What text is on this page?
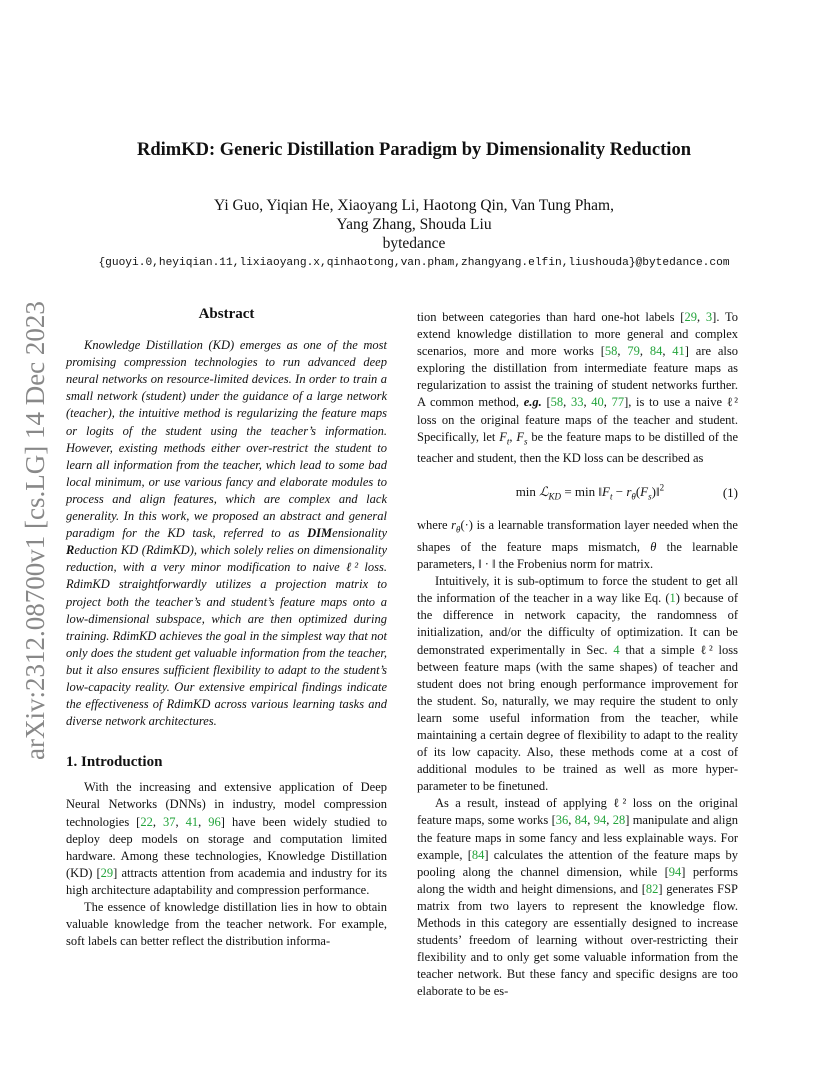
arXiv:2312.08700v1 [cs.LG] 14 Dec 2023
RdimKD: Generic Distillation Paradigm by Dimensionality Reduction
Yi Guo, Yiqian He, Xiaoyang Li, Haotong Qin, Van Tung Pham,
Yang Zhang, Shouda Liu
bytedance
{guoyi.0,heyiqian.11,lixiaoyang.x,qinhaotong,van.pham,zhangyang.elfin,liushouda}@bytedance.com
Abstract

Knowledge Distillation (KD) emerges as one of the most promising compression technologies to run advanced deep neural networks on resource-limited devices. In order to train a small network (student) under the guidance of a large network (teacher), the intuitive method is regularizing the feature maps or logits of the student using the teacher’s information. However, existing methods either over-restrict the student to learn all information from the teacher, which lead to some bad local minimum, or use various fancy and elaborate modules to process and align features, which are complex and lack generality. In this work, we proposed an abstract and general paradigm for the KD task, referred to as DIMensionality Reduction KD (RdimKD), which solely relies on dimensionality reduction, with a very minor modification to naive ℓ² loss. RdimKD straightforwardly utilizes a projection matrix to project both the teacher’s and student’s feature maps onto a low-dimensional subspace, which are then optimized during training. RdimKD achieves the goal in the simplest way that not only does the student get valuable information from the teacher, but it also ensures sufficient flexibility to adapt to the student’s low-capacity reality. Our extensive empirical findings indicate the effectiveness of RdimKD across various learning tasks and diverse network architectures.

1. Introduction

With the increasing and extensive application of Deep Neural Networks (DNNs) in industry, model compression technologies [22, 37, 41, 96] have been widely studied to deploy deep models on storage and computation limited hardware. Among these technologies, Knowledge Distillation (KD) [29] attracts attention from academia and industry for its high architecture adaptability and compression performance.

The essence of knowledge distillation lies in how to obtain valuable knowledge from the teacher network. For example, soft labels can better reflect the distribution informa-

tion between categories than hard one-hot labels [29, 3]. To extend knowledge distillation to more general and complex scenarios, more and more works [58, 79, 84, 41] are also exploring the distillation from intermediate feature maps as regularization to assist the training of student networks further. A common method, e.g. [58, 33, 40, 77], is to use a naive ℓ² loss on the original feature maps of the teacher and student. Specifically, let $F_t$, $F_s$ be the feature maps to be distilled of the teacher and student, then the KD loss can be described as

min ℒ$_{KD}$ = $\min ‖F_t$ − $r_\theta(F_s)‖^2$	(1)

where $r_\theta(\cdot)$ is a learnable transformation layer needed when the shapes of the feature maps mismatch, θ the learnable parameters, ‖ · ‖ the Frobenius norm for matrix.

Intuitively, it is sub-optimum to force the student to get all the information of the teacher in a way like Eq. (1) because of the difference in network capacity, the randomness of initialization, and/or the difficulty of optimization. It can be demonstrated experimentally in Sec. 4 that a simple ℓ² loss between feature maps (with the same shapes) of teacher and student does not bring enough performance improvement for the student. So, naturally, we may require the student to only learn some useful information from the teacher, while maintaining a certain degree of flexibility to adapt to the reality of its low capacity. Also, these methods come at a cost of additional modules to be trained as well as more hyper-parameter to be finetuned.

As a result, instead of applying ℓ² loss on the original feature maps, some works [36, 84, 94, 28] manipulate and align the feature maps in some fancy and less explainable ways. For example, [84] calculates the attention of the feature maps by pooling along the channel dimension, while [94] performs along the width and height dimensions, and [82] generates FSP matrix from two layers to represent the knowledge flow. Methods in this category are essentially designed to increase students’ freedom of learning without over-restricting their flexibility and to only get some valuable information from the teacher network. But these fancy and specific designs are too elaborate to be es-
